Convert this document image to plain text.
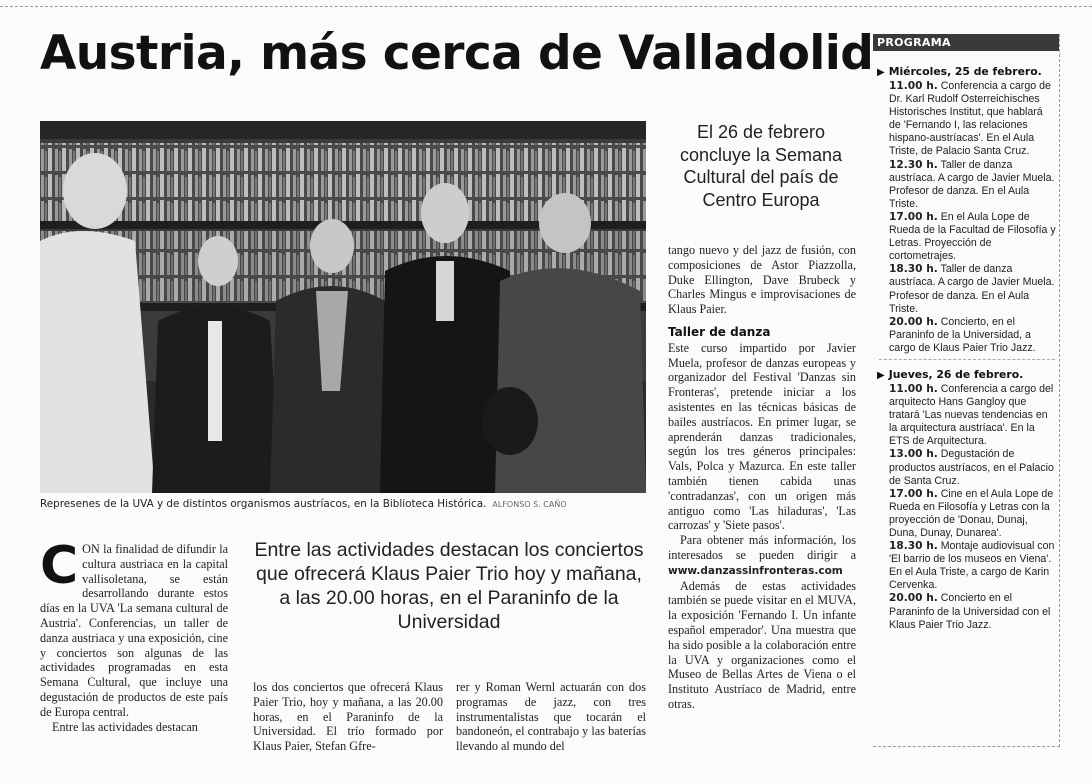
Austria, más cerca de Valladolid
Represenes de la UVA y de distintos organismos austríacos, en la Biblioteca Histórica. ALFONSO S. CAÑO
El 26 de febrero concluye la Semana Cultural del país de Centro Europa
C ON la finalidad de difundir la cultura austriaca en la capital vallisoletana, se están desarrollando durante estos días en la UVA 'La semana cultural de Austria'. Conferencias, un taller de danza austriaca y una exposición, cine y conciertos son algunas de las actividades programadas en esta Semana Cultural, que incluye una degustación de productos de este país de Europa central.

Entre las actividades destacan

Entre las actividades destacan los conciertos que ofrecerá Klaus Paier Trio hoy y mañana, a las 20.00 horas, en el Paraninfo de la Universidad

los dos conciertos que ofrecerá Klaus Paier Trio, hoy y mañana, a las 20.00 horas, en el Paraninfo de la Universidad. El trío formado por Klaus Paier, Stefan Gfre-

rer y Roman Wernl actuarán con dos programas de jazz, con tres instrumentalistas que tocarán el bandoneón, el contrabajo y las baterías llevando al mundo del

tango nuevo y del jazz de fusión, con composiciones de Astor Piazzolla, Duke Ellington, Dave Brubeck y Charles Mingus e improvisaciones de Klaus Paier.

Taller de danza

Este curso impartido por Javier Muela, profesor de danzas europeas y organizador del Festival 'Danzas sin Fronteras', pretende iniciar a los asistentes en las técnicas básicas de bailes austríacos. En primer lugar, se aprenderán danzas tradicionales, según los tres géneros principales: Vals, Polca y Mazurca. En este taller también tienen cabida unas 'contradanzas', con un origen más antiguo como 'Las hiladuras', 'Las carrozas' y 'Siete pasos'.

Para obtener más información, los interesados se pueden dirigir a www.danzassinfronteras.com

Además de estas actividades también se puede visitar en el MUVA, la exposición 'Fernando I. Un infante español emperador'. Una muestra que ha sido posible a la colaboración entre la UVA y organizaciones como el Museo de Bellas Artes de Viena o el Instituto Austríaco de Madrid, entre otras.

PROGRAMA
▶ Miércoles, 25 de febrero.
11.00 h. Conferencia a cargo de Dr. Karl Rudolf Osterreichisches Historisches Institut, que hablará de 'Fernando I, las relaciones hispano-austríacas'. En el Aula Triste, de Palacio Santa Cruz.
12.30 h. Taller de danza austríaca. A cargo de Javier Muela. Profesor de danza. En el Aula Triste.
17.00 h. En el Aula Lope de Rueda de la Facultad de Filosofía y Letras. Proyección de cortometrajes.
18.30 h. Taller de danza austríaca. A cargo de Javier Muela. Profesor de danza. En el Aula Triste.
20.00 h. Concierto, en el Paraninfo de la Universidad, a cargo de Klaus Paier Trio Jazz.
▶ Jueves, 26 de febrero.
11.00 h. Conferencia a cargo del arquitecto Hans Gangloy que tratará 'Las nuevas tendencias en la arquitectura austríaca'. En la ETS de Arquitectura.
13.00 h. Degustación de productos austríacos, en el Palacio de Santa Cruz.
17.00 h. Cine en el Aula Lope de Rueda en Filosofía y Letras con la proyección de 'Donau, Dunaj, Duna, Dunay, Dunarea'.
18.30 h. Montaje audiovisual con 'El barrio de los museos en Viena'. En el Aula Triste, a cargo de Karin Cervenka.
20.00 h. Concierto en el Paraninfo de la Universidad con el Klaus Paier Trio Jazz.
